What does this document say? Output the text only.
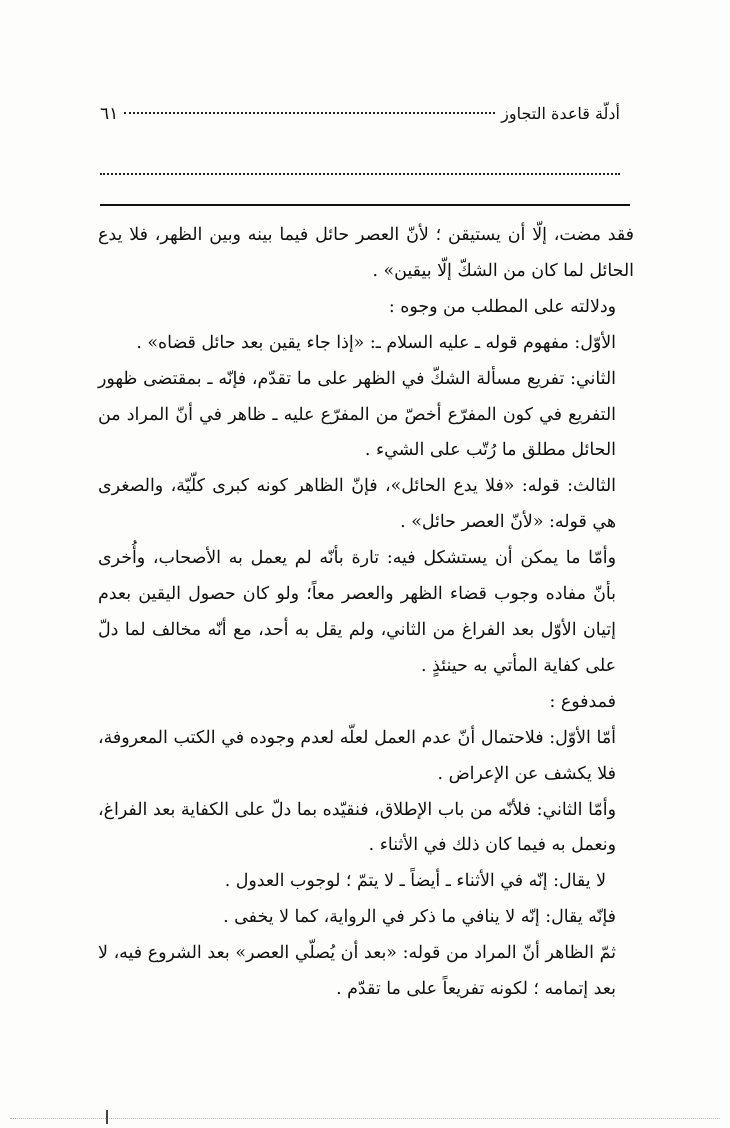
أدلّة قاعدة التجاوز
٦١

فقد مضت، إلّا أن يستيقن ؛ لأنّ العصر حائل فيما بينه وبين الظهر، فلا يدع الحائل لما كان من الشكّ إلّا بيقين» .

ودلالته على المطلب من وجوه :

الأوّل: مفهوم قوله ـ عليه السلام ـ: «إذا جاء يقين بعد حائل قضاه» .

الثاني: تفريع مسألة الشكّ في الظهر على ما تقدّم، فإنّه ـ بمقتضى ظهور التفريع في كون المفرّع أخصّ من المفرّع عليه ـ ظاهر في أنّ المراد من الحائل مطلق ما رُتّب على الشيء .

الثالث: قوله: «فلا يدع الحائل»، فإنّ الظاهر كونه كبرى كلّيّة، والصغرى هي قوله: «لأنّ العصر حائل» .

وأمّا ما يمكن أن يستشكل فيه: تارة بأنّه لم يعمل به الأصحاب، وأُخرى بأنّ مفاده وجوب قضاء الظهر والعصر معاً؛ ولو كان حصول اليقين بعدم إتيان الأوّل بعد الفراغ من الثاني، ولم يقل به أحد، مع أنّه مخالف لما دلّ على كفاية المأتي به حينئذٍ .

فمدفوع :

أمّا الأوّل: فلاحتمال أنّ عدم العمل لعلّه لعدم وجوده في الكتب المعروفة، فلا يكشف عن الإعراض .

وأمّا الثاني: فلأنّه من باب الإطلاق، فنقيّده بما دلّ على الكفاية بعد الفراغ، ونعمل به فيما كان ذلك في الأثناء .

لا يقال: إنّه في الأثناء ـ أيضاً ـ لا يتمّ ؛ لوجوب العدول .

فإنّه يقال: إنّه لا ينافي ما ذكر في الرواية، كما لا يخفى .

ثمّ الظاهر أنّ المراد من قوله: «بعد أن يُصلّي العصر» بعد الشروع فيه، لا بعد إتمامه ؛ لكونه تفريعاً على ما تقدّم .
